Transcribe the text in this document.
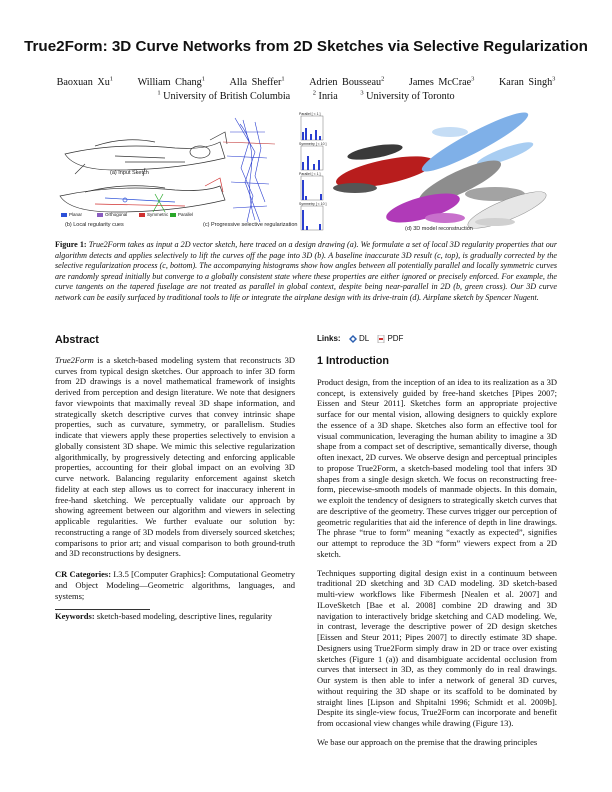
True2Form: 3D Curve Networks from 2D Sketches via Selective Regularization
Baoxuan Xu$^1$ William Chang$^1$ Alla Sheffer$^1$ Adrien Bousseau$^2$ James McCrae$^3$ Karan Singh$^3$
$^1$ University of British Columbia	$^2$ Inria	$^3$ University of Toronto
(a) Input Sketch
(b) Local regularity cues	(c) Progressive selective regularization
(d) 3D model reconstruction
Planar	Orthogonal	Symmetric Parallel
Parallel [ < 1 ]
Symmetry [ < 10 ]
Parallel [ < 1 ]
Symmetry [ < 10 ]
Figure 1: True2Form takes as input a 2D vector sketch, here traced on a design drawing (a). We formulate a set of local 3D regularity properties that our algorithm detects and applies selectively to lift the curves off the page into 3D (b). A baseline inaccurate 3D result (c, top), is gradually corrected by the selective regularization process (c, bottom). The accompanying histograms show how angles between all potentially parallel and locally symmetric curves are randomly spread initially but converge to a globally consistent state where these properties are either ignored or precisely enforced. For example, the curve tangents on the tapered fuselage are not treated as parallel in global context, despite being near-parallel in 2D (b, green cross). Our 3D curve network can be easily surfaced by traditional tools to life or integrate the airplane design with its drive-train (d). Airplane sketch by Spencer Nugent.
Abstract

True2Form is a sketch-based modeling system that reconstructs 3D curves from typical design sketches. Our approach to infer 3D form from 2D drawings is a novel mathematical framework of insights derived from perception and design literature. We note that designers favor viewpoints that maximally reveal 3D shape information, and strategically sketch descriptive curves that convey intrinsic shape properties, such as curvature, symmetry, or parallelism. Studies indicate that viewers apply these properties selectively to envision a globally consistent 3D shape. We mimic this selective regularization algorithmically, by progressively detecting and enforcing applicable properties, accounting for their global impact on an evolving 3D curve network. Balancing regularity enforcement against sketch fidelity at each step allows us to correct for inaccuracy inherent in free-hand sketching. We perceptually validate our approach by showing agreement between our algorithm and viewers in selecting applicable regularities. We further evaluate our solution by: reconstructing a range of 3D models from diversely sourced sketches; comparisons to prior art; and visual comparison to both ground-truth and 3D reconstructions by designers.

CR Categories: I.3.5 [Computer Graphics]: Computational Geometry and Object Modeling—Geometric algorithms, languages, and systems;

Keywords: sketch-based modeling, descriptive lines, regularity

Links: DL PDF
1 Introduction

Product design, from the inception of an idea to its realization as a 3D concept, is extensively guided by free-hand sketches [Pipes 2007; Eissen and Steur 2011]. Sketches form an appropriate projective surface for our mental vision, allowing designers to quickly explore the essence of a 3D shape. Sketches also form an effective tool for visual communication, leveraging the human ability to imagine a 3D shape from a compact set of descriptive, semantically diverse, though often inexact, 2D curves. We observe design and perceptual principles to propose True2Form, a sketch-based modeling tool that infers 3D shapes from a single design sketch. We focus on reconstructing free-form, piecewise-smooth models of manmade objects. In this domain, we exploit the tendency of designers to strategically sketch curves that are descriptive of the geometry. These curves trigger our perception of geometric regularities that aid the inference of depth in line drawings. The phrase “true to form” meaning “exactly as expected”, signifies our attempt to reproduce the 3D “form” viewers expect from a 2D sketch.

Techniques supporting digital design exist in a continuum between traditional 2D sketching and 3D CAD modeling. 3D sketch-based multi-view workflows like Fibermesh [Nealen et al. 2007] and ILoveSketch [Bae et al. 2008] combine 2D drawing and 3D navigation to interactively bridge sketching and CAD modeling. We, in contrast, leverage the descriptive power of 2D design sketches [Eissen and Steur 2011; Pipes 2007] to directly estimate 3D shape. Designers using True2Form simply draw in 2D or trace over existing sketches (Figure 1 (a)) and disambiguate accidental occlusion from curves that intersect in 3D, as they commonly do in real drawings. Our system is then able to infer a network of general 3D curves, without requiring the 3D shape or its scaffold to be dominated by straight lines [Lipson and Shpitalni 1996; Schmidt et al. 2009b]. Despite its single-view focus, True2Form can incorporate and benefit from occasional view changes while drawing (Figure 13).

We base our approach on the premise that the drawing principles
